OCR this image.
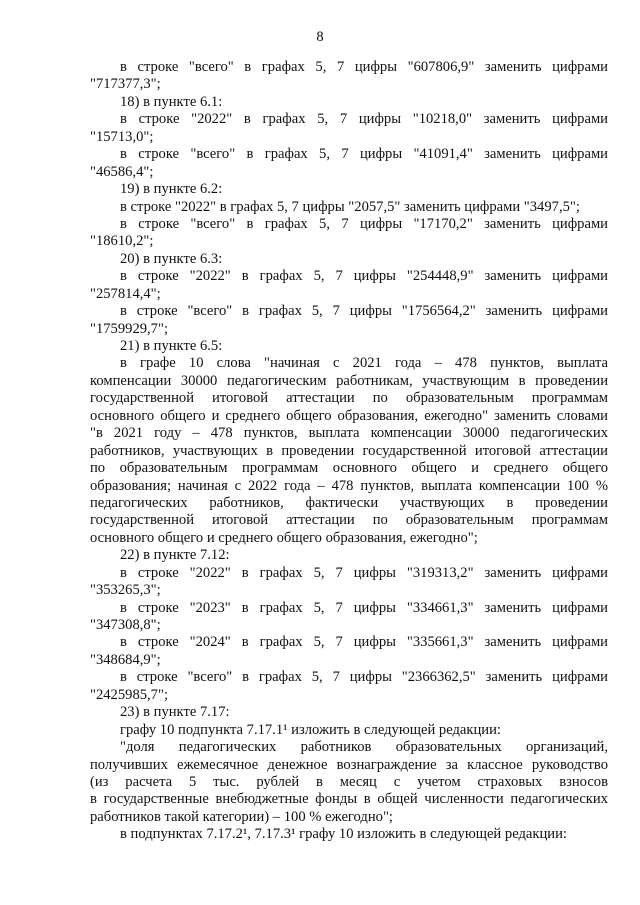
8
в строке "всего" в графах 5, 7 цифры "607806,9" заменить цифрами
"717377,3";
18) в пункте 6.1:
в строке "2022" в графах 5, 7 цифры "10218,0" заменить цифрами
"15713,0";
в строке "всего" в графах 5, 7 цифры "41091,4" заменить цифрами
"46586,4";
19) в пункте 6.2:
в строке "2022" в графах 5, 7 цифры "2057,5" заменить цифрами "3497,5";
в строке "всего" в графах 5, 7 цифры "17170,2" заменить цифрами
"18610,2";
20) в пункте 6.3:
в строке "2022" в графах 5, 7 цифры "254448,9" заменить цифрами
"257814,4";
в строке "всего" в графах 5, 7 цифры "1756564,2" заменить цифрами
"1759929,7";
21) в пункте 6.5:
в графе 10 слова "начиная с 2021 года – 478 пунктов, выплата
компенсации 30000 педагогическим работникам, участвующим в проведении
государственной итоговой аттестации по образовательным программам
основного общего и среднего общего образования, ежегодно" заменить словами
"в 2021 году – 478 пунктов, выплата компенсации 30000 педагогических
работников, участвующих в проведении государственной итоговой аттестации
по образовательным программам основного общего и среднего общего
образования; начиная с 2022 года – 478 пунктов, выплата компенсации 100 %
педагогических работников, фактически участвующих в проведении
государственной итоговой аттестации по образовательным программам
основного общего и среднего общего образования, ежегодно";
22) в пункте 7.12:
в строке "2022" в графах 5, 7 цифры "319313,2" заменить цифрами
"353265,3";
в строке "2023" в графах 5, 7 цифры "334661,3" заменить цифрами
"347308,8";
в строке "2024" в графах 5, 7 цифры "335661,3" заменить цифрами
"348684,9";
в строке "всего" в графах 5, 7 цифры "2366362,5" заменить цифрами
"2425985,7";
23) в пункте 7.17:
графу 10 подпункта 7.17.1¹ изложить в следующей редакции:
"доля педагогических работников образовательных организаций,
получивших ежемесячное денежное вознаграждение за классное руководство
(из расчета 5 тыс. рублей в месяц с учетом страховых взносов
в государственные внебюджетные фонды в общей численности педагогических
работников такой категории) – 100 % ежегодно";
в подпунктах 7.17.2¹, 7.17.3¹ графу 10 изложить в следующей редакции:
